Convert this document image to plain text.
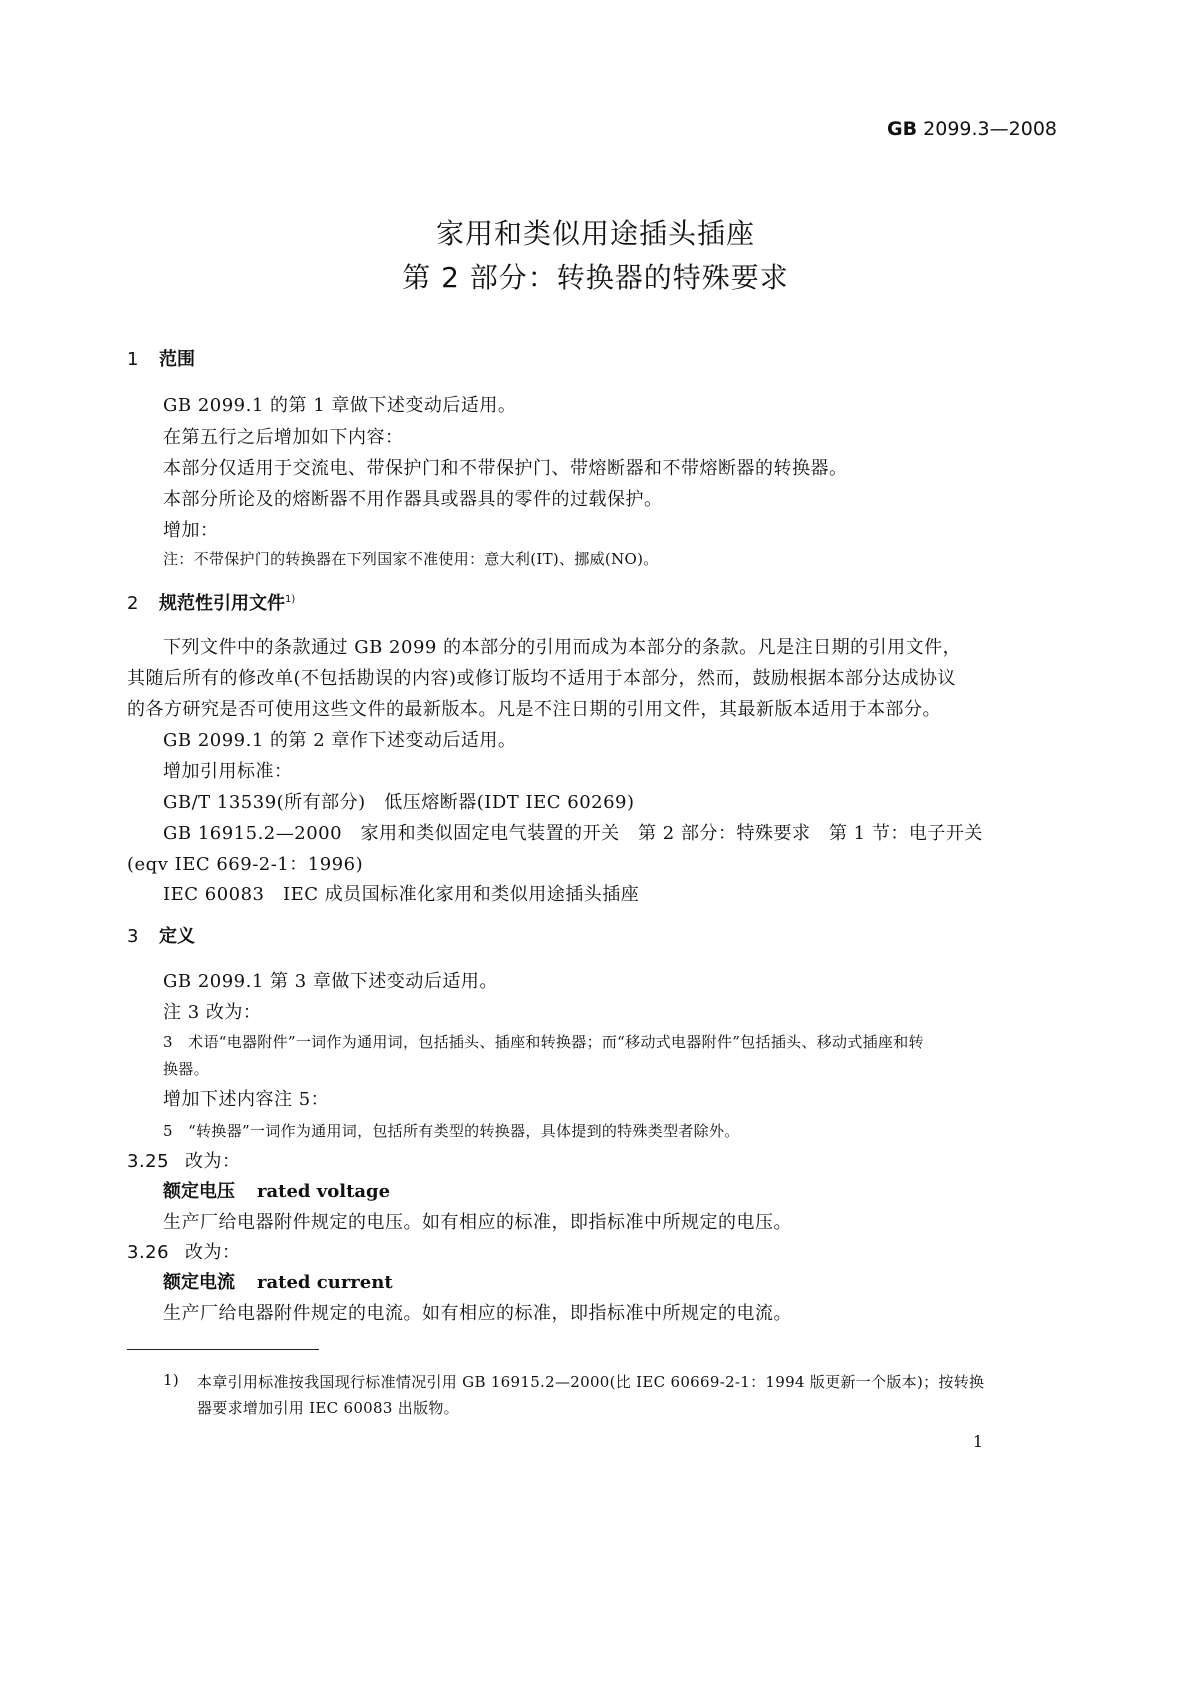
GB 2099.3—2008
家用和类似用途插头插座
第 2 部分：转换器的特殊要求
1 范围
GB 2099.1 的第 1 章做下述变动后适用。
在第五行之后增加如下内容：
本部分仅适用于交流电、带保护门和不带保护门、带熔断器和不带熔断器的转换器。
本部分所论及的熔断器不用作器具或器具的零件的过载保护。
增加：
注：不带保护门的转换器在下列国家不准使用：意大利(IT)、挪威(NO)。
2 规范性引用文件$^{1)}$
下列文件中的条款通过 GB 2099 的本部分的引用而成为本部分的条款。凡是注日期的引用文件，
其随后所有的修改单(不包括勘误的内容)或修订版均不适用于本部分，然而，鼓励根据本部分达成协议
的各方研究是否可使用这些文件的最新版本。凡是不注日期的引用文件，其最新版本适用于本部分。
GB 2099.1 的第 2 章作下述变动后适用。
增加引用标准：
GB/T 13539(所有部分)　低压熔断器(IDT IEC 60269)
GB 16915.2—2000　家用和类似固定电气装置的开关　第 2 部分：特殊要求　第 1 节：电子开关
(eqv IEC 669-2-1：1996)
IEC 60083　IEC 成员国标准化家用和类似用途插头插座
3 定义
GB 2099.1 第 3 章做下述变动后适用。
注 3 改为：
3　术语“电器附件”一词作为通用词，包括插头、插座和转换器；而“移动式电器附件”包括插头、移动式插座和转
换器。
增加下述内容注 5：
5　“转换器”一词作为通用词，包括所有类型的转换器，具体提到的特殊类型者除外。
3.25 改为：
额定电压 rated voltage
生产厂给电器附件规定的电压。如有相应的标准，即指标准中所规定的电压。
3.26 改为：
额定电流 rated current
生产厂给电器附件规定的电流。如有相应的标准，即指标准中所规定的电流。
1) 本章引用标准按我国现行标准情况引用 GB 16915.2—2000(比 IEC 60669-2-1：1994 版更新一个版本)；按转换
器要求增加引用 IEC 60083 出版物。
1
